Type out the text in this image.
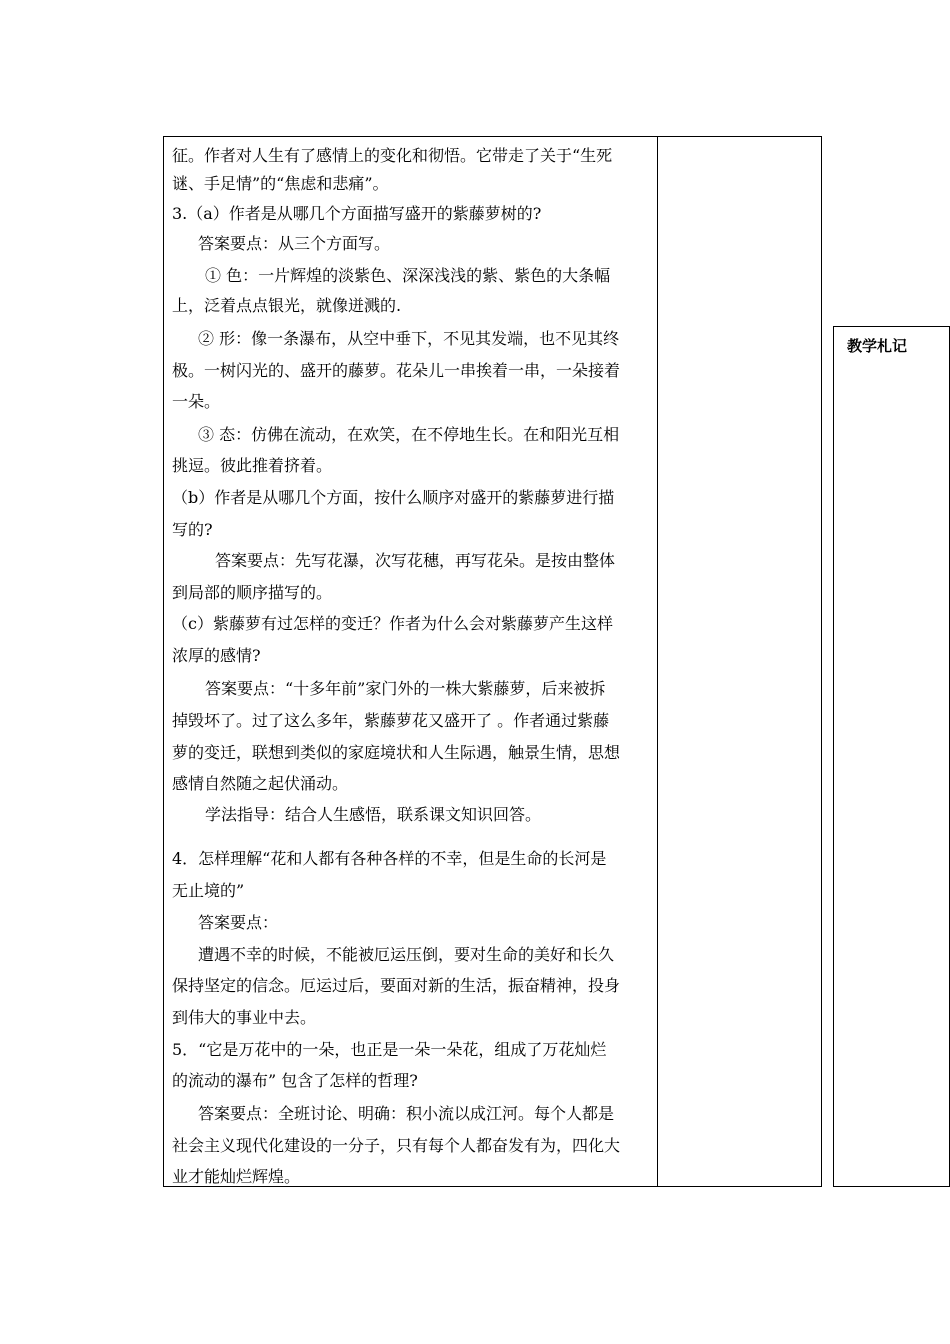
征。作者对人生有了感情上的变化和彻悟。它带走了关于“生死
谜、手足情”的“焦虑和悲痛”。
3.（a）作者是从哪几个方面描写盛开的紫藤萝树的?
答案要点：从三个方面写。
① 色：一片辉煌的淡紫色、深深浅浅的紫、紫色的大条幅
上，泛着点点银光，就像迸溅的.
② 形：像一条瀑布，从空中垂下，不见其发端，也不见其终
极。一树闪光的、盛开的藤萝。花朵儿一串挨着一串，一朵接着
一朵。
③ 态：仿佛在流动，在欢笑，在不停地生长。在和阳光互相
挑逗。彼此推着挤着。
（b）作者是从哪几个方面，按什么顺序对盛开的紫藤萝进行描
写的?
答案要点：先写花瀑，次写花穗，再写花朵。是按由整体
到局部的顺序描写的。
（c）紫藤萝有过怎样的变迁？作者为什么会对紫藤萝产生这样
浓厚的感情?
答案要点：“十多年前”家门外的一株大紫藤萝，后来被拆
掉毁坏了。过了这么多年，紫藤萝花又盛开了 。作者通过紫藤
萝的变迁，联想到类似的家庭境状和人生际遇，触景生情，思想
感情自然随之起伏涌动。
学法指导：结合人生感悟，联系课文知识回答。
4．怎样理解“花和人都有各种各样的不幸，但是生命的长河是
无止境的”
答案要点：
遭遇不幸的时候，不能被厄运压倒，要对生命的美好和长久
保持坚定的信念。厄运过后，要面对新的生活，振奋精神，投身
到伟大的事业中去。
5．“它是万花中的一朵，也正是一朵一朵花，组成了万花灿烂
的流动的瀑布” 包含了怎样的哲理?
答案要点：全班讨论、明确：积小流以成江河。每个人都是
社会主义现代化建设的一分子，只有每个人都奋发有为，四化大
业才能灿烂辉煌。
教学札记
